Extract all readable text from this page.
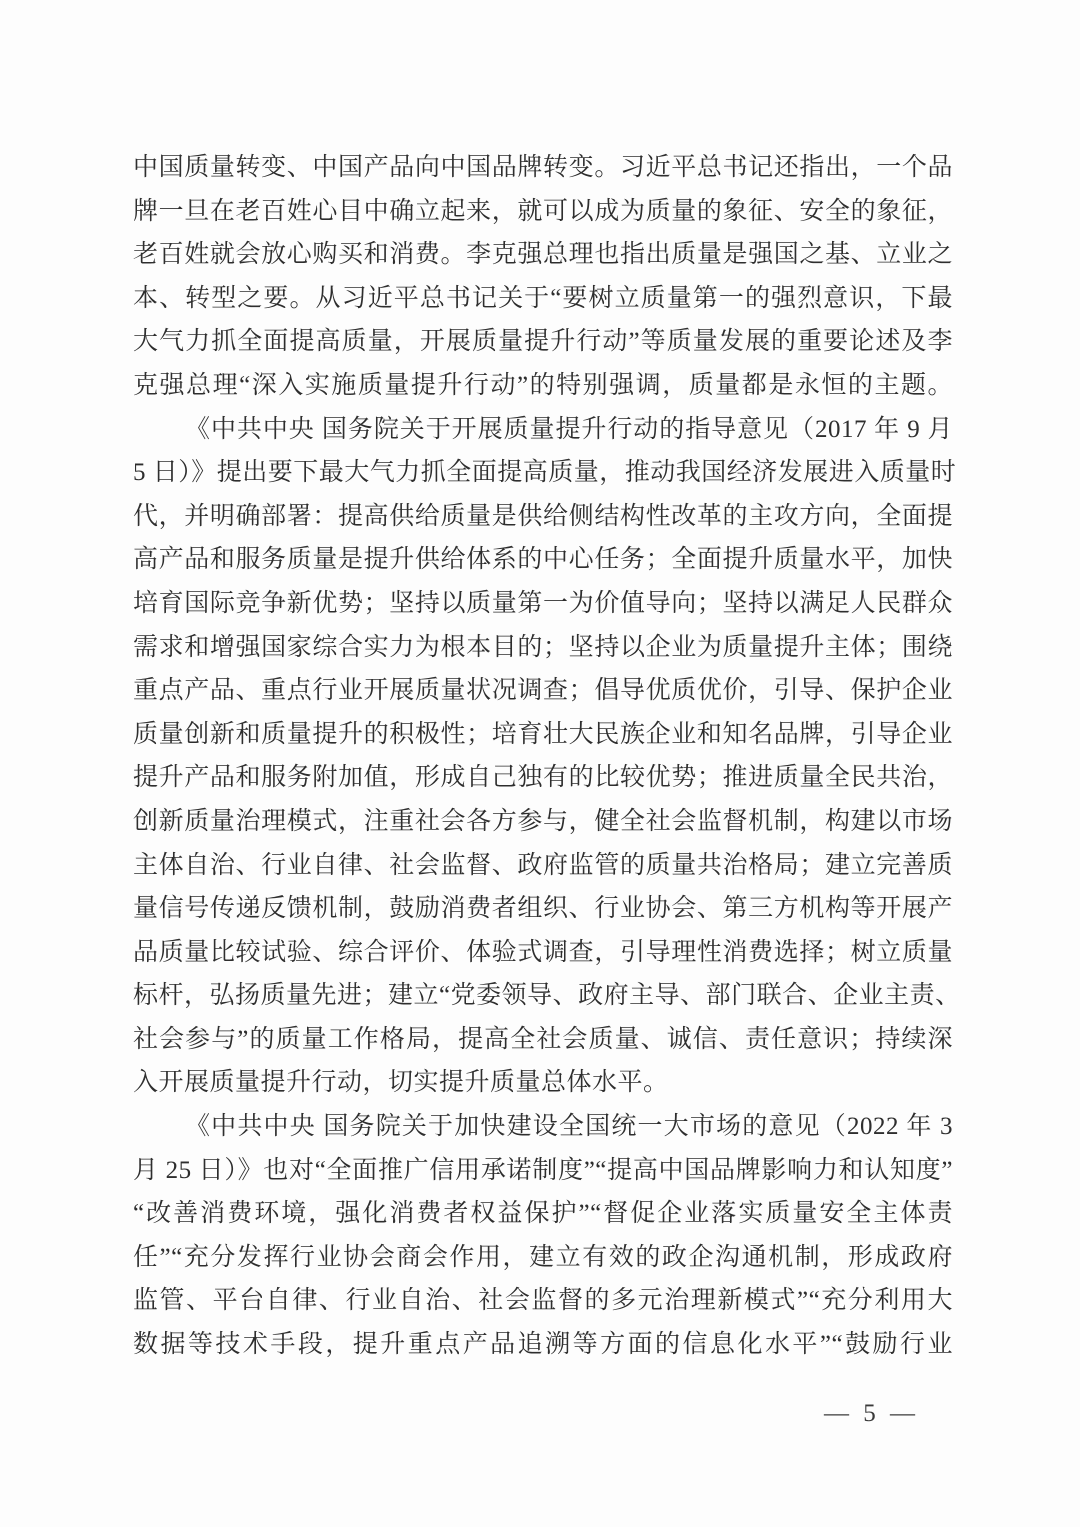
中国质量转变、中国产品向中国品牌转变。习近平总书记还指出，一个品
牌一旦在老百姓心目中确立起来，就可以成为质量的象征、安全的象征，
老百姓就会放心购买和消费。李克强总理也指出质量是强国之基、立业之
本、转型之要。从习近平总书记关于“要树立质量第一的强烈意识，下最
大气力抓全面提高质量，开展质量提升行动”等质量发展的重要论述及李
克强总理“深入实施质量提升行动”的特别强调，质量都是永恒的主题。
《中共中央 国务院关于开展质量提升行动的指导意见（2017 年 9 月
5 日）》提出要下最大气力抓全面提高质量，推动我国经济发展进入质量时
代，并明确部署：提高供给质量是供给侧结构性改革的主攻方向，全面提
高产品和服务质量是提升供给体系的中心任务；全面提升质量水平，加快
培育国际竞争新优势；坚持以质量第一为价值导向；坚持以满足人民群众
需求和增强国家综合实力为根本目的；坚持以企业为质量提升主体；围绕
重点产品、重点行业开展质量状况调查；倡导优质优价，引导、保护企业
质量创新和质量提升的积极性；培育壮大民族企业和知名品牌，引导企业
提升产品和服务附加值，形成自己独有的比较优势；推进质量全民共治，
创新质量治理模式，注重社会各方参与，健全社会监督机制，构建以市场
主体自治、行业自律、社会监督、政府监管的质量共治格局；建立完善质
量信号传递反馈机制，鼓励消费者组织、行业协会、第三方机构等开展产
品质量比较试验、综合评价、体验式调查，引导理性消费选择；树立质量
标杆，弘扬质量先进；建立“党委领导、政府主导、部门联合、企业主责、
社会参与”的质量工作格局，提高全社会质量、诚信、责任意识；持续深
入开展质量提升行动，切实提升质量总体水平。
《中共中央 国务院关于加快建设全国统一大市场的意见（2022 年 3
月 25 日）》也对“全面推广信用承诺制度”“提高中国品牌影响力和认知度”
“改善消费环境，强化消费者权益保护”“督促企业落实质量安全主体责
任”“充分发挥行业协会商会作用，建立有效的政企沟通机制，形成政府
监管、平台自律、行业自治、社会监督的多元治理新模式”“充分利用大
数据等技术手段，提升重点产品追溯等方面的信息化水平”“鼓励行业
— 5 —
